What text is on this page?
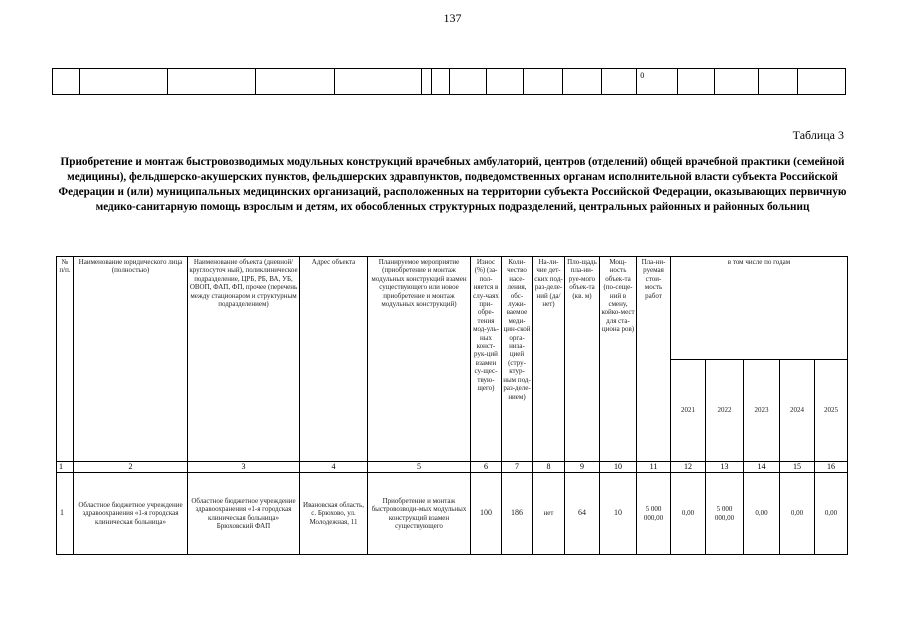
137
												0				
Таблица 3
Приобретение и монтаж быстровозводимых модульных конструкций врачебных амбулаторий, центров (отделений) общей врачебной практики (семейной медицины), фельдшерско-акушерских пунктов, фельдшерских здравпунктов, подведомственных органам исполнительной власти субъекта Российской Федерации и (или) муниципальных медицинских организаций, расположенных на территории субъекта Российской Федерации, оказывающих первичную медико-санитарную помощь взрослым и детям, их обособленных структурных подразделений, центральных районных и районных больниц
№ п/п.	Наименование юридического лица (полностью)	Наименование объекта (дневной/круглосуточ ный), поликлиническое подразделение, ЦРБ, РБ, ВА, УБ, ОВОП, ФАП, ФП, прочее (перечень между стационаром и структурным подразделением)	Адрес объекта	Планируемое мероприятие (приобретение и монтаж модульных конструкций взамен существующего или новое приобретение и монтаж модульных конструкций)	Износ (%) (за-пол-няется в слу-чаях при-обре-тения мод-уль-ных конст-рук-ций взамен су-щес-твую-щего)	Коли-чество насе-ления, обс-лужи-ваемое меди-цин-ской орга-низа-цией (стру-ктур-ным под-раз-деле-нием)	На-ли-чие дет-ских под-раз-деле-ний (да/нет)	Пло-щадь пла-ни-руе-мого объек-та (кв. м)	Мощ-ность объек-та (по-сеще-ний в смену, койко-мест для ста-циона ров)	Пла-ни-руемая стои-мость работ	в том числе по годам				
											2021	2022	2023	2024	2025
1	2	3	4	5	6	7	8	9	10	11	12	13	14	15	16
1	Областное бюджетное учреждение здравоохранения «1-я городская клиническая больница»	Областное бюджетное учреждение здравоохранения «1-я городская клиническая больница» Брюховский ФАП	Ивановская область, с. Брюхово, ул. Молодежная, 11	Приобретение и монтаж быстровозводи-мых модульных конструкций взамен существующего	100	186	нет	64	10	5 000 000,00	0,00	5 000 000,00	0,00	0,00	0,00
